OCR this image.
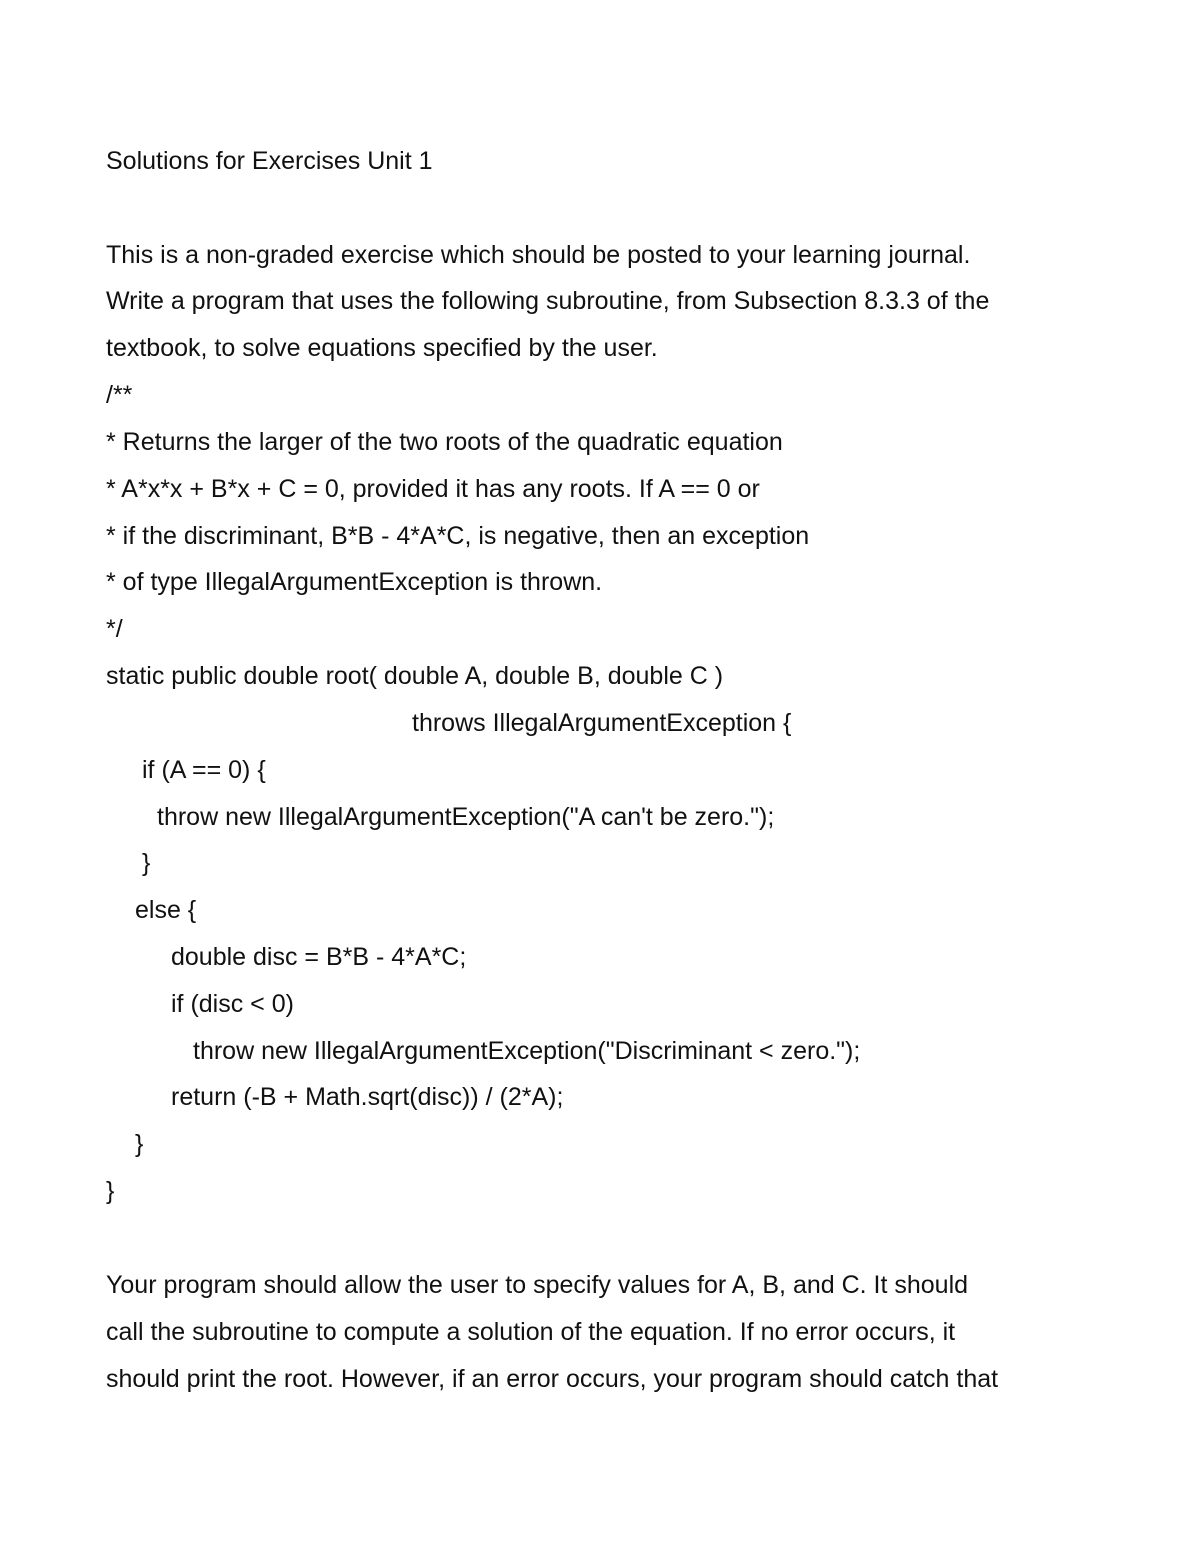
Solutions for Exercises Unit 1

This is a non-graded exercise which should be posted to your learning journal.

Write a program that uses the following subroutine, from Subsection 8.3.3 of the

textbook, to solve equations specified by the user.

/**

* Returns the larger of the two roots of the quadratic equation

* A*x*x + B*x + C = 0, provided it has any roots. If A == 0 or

* if the discriminant, B*B - 4*A*C, is negative, then an exception

* of type IllegalArgumentException is thrown.

*/

static public double root( double A, double B, double C )

throws IllegalArgumentException {

if (A == 0) {

throw new IllegalArgumentException("A can't be zero.");

}

else {

double disc = B*B - 4*A*C;

if (disc < 0)

throw new IllegalArgumentException("Discriminant < zero.");

return (-B + Math.sqrt(disc)) / (2*A);

}

}

Your program should allow the user to specify values for A, B, and C. It should

call the subroutine to compute a solution of the equation. If no error occurs, it

should print the root. However, if an error occurs, your program should catch that
